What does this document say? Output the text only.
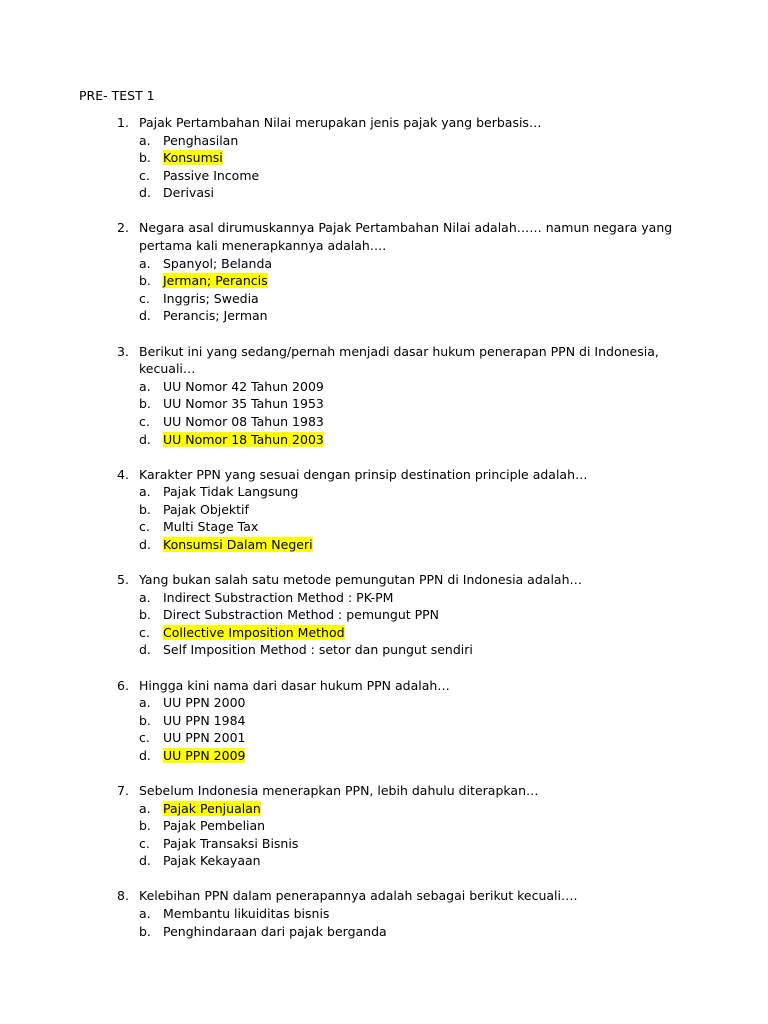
PRE- TEST 1
1. Pajak Pertambahan Nilai merupakan jenis pajak yang berbasis…
a. Penghasilan
b. Konsumsi
c. Passive Income
d. Derivasi
2. Negara asal dirumuskannya Pajak Pertambahan Nilai adalah…… namun negara yang pertama kali menerapkannya adalah….
a. Spanyol; Belanda
b. Jerman; Perancis
c. Inggris; Swedia
d. Perancis; Jerman
3. Berikut ini yang sedang/pernah menjadi dasar hukum penerapan PPN di Indonesia, kecuali…
a. UU Nomor 42 Tahun 2009
b. UU Nomor 35 Tahun 1953
c. UU Nomor 08 Tahun 1983
d. UU Nomor 18 Tahun 2003
4. Karakter PPN yang sesuai dengan prinsip destination principle adalah…
a. Pajak Tidak Langsung
b. Pajak Objektif
c. Multi Stage Tax
d. Konsumsi Dalam Negeri
5. Yang bukan salah satu metode pemungutan PPN di Indonesia adalah…
a. Indirect Substraction Method : PK-PM
b. Direct Substraction Method : pemungut PPN
c. Collective Imposition Method
d. Self Imposition Method : setor dan pungut sendiri
6. Hingga kini nama dari dasar hukum PPN adalah…
a. UU PPN 2000
b. UU PPN 1984
c. UU PPN 2001
d. UU PPN 2009
7. Sebelum Indonesia menerapkan PPN, lebih dahulu diterapkan…
a. Pajak Penjualan
b. Pajak Pembelian
c. Pajak Transaksi Bisnis
d. Pajak Kekayaan
8. Kelebihan PPN dalam penerapannya adalah sebagai berikut kecuali….
a. Membantu likuiditas bisnis
b. Penghindaraan dari pajak berganda
